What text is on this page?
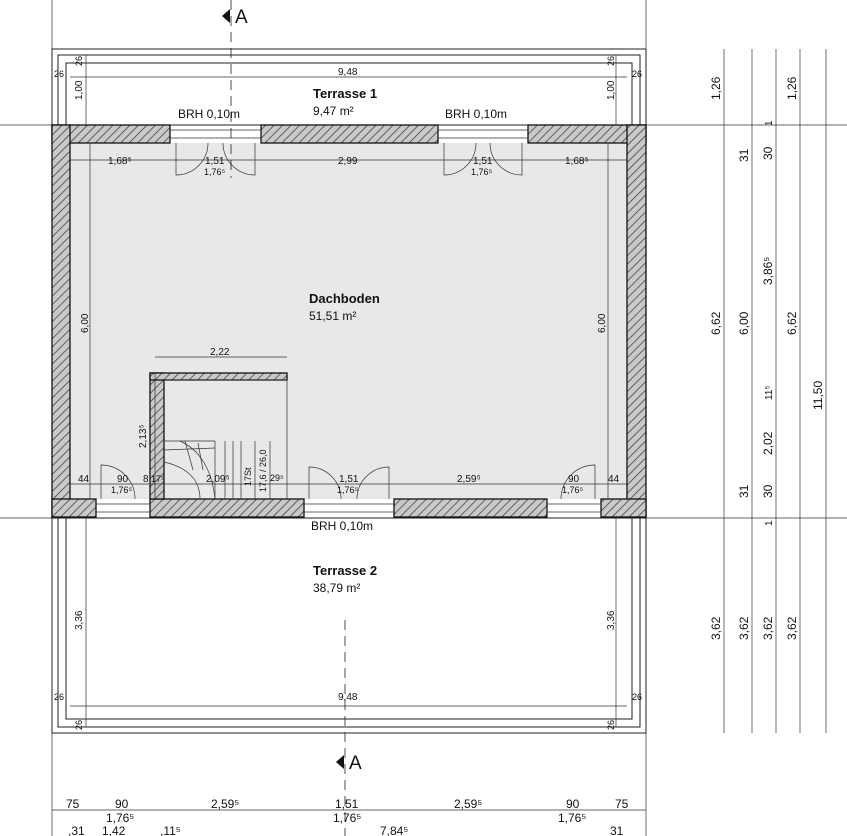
A
A
Terrasse 1
9,47 m²
Dachboden
51,51 m²
Terrasse 2
38,79 m²
BRH 0,10m	BRH 0,10m
BRH 0,10m
9,48
9,48
26	26
26	26
26	26
26	26
1,00	1,00
1,68⁵	1,51	2,99	1,51	1,68⁵
1,76⁵	1,76⁵
6,00	6,00
2,22
2,13⁵
17St 17,6 / 26,0
44	90 8 17⁵	2,09⁵	29⁵	1,51	2,59⁵	90	44
1,76⁵	1,76⁵	1,76⁵
3,36	3,36
1,26
6,62
3,62
1
31
6,00
31
1
3,62
30
3,86⁵
11⁵
2,02
30
3,62
1,26
6,62
3,62
11,50
75	90	2,59⁵	1,51	2,59⁵	90	75
1,76⁵	1,76⁵	1,76⁵
,31 1,42	,11⁵	7,84⁵	31
